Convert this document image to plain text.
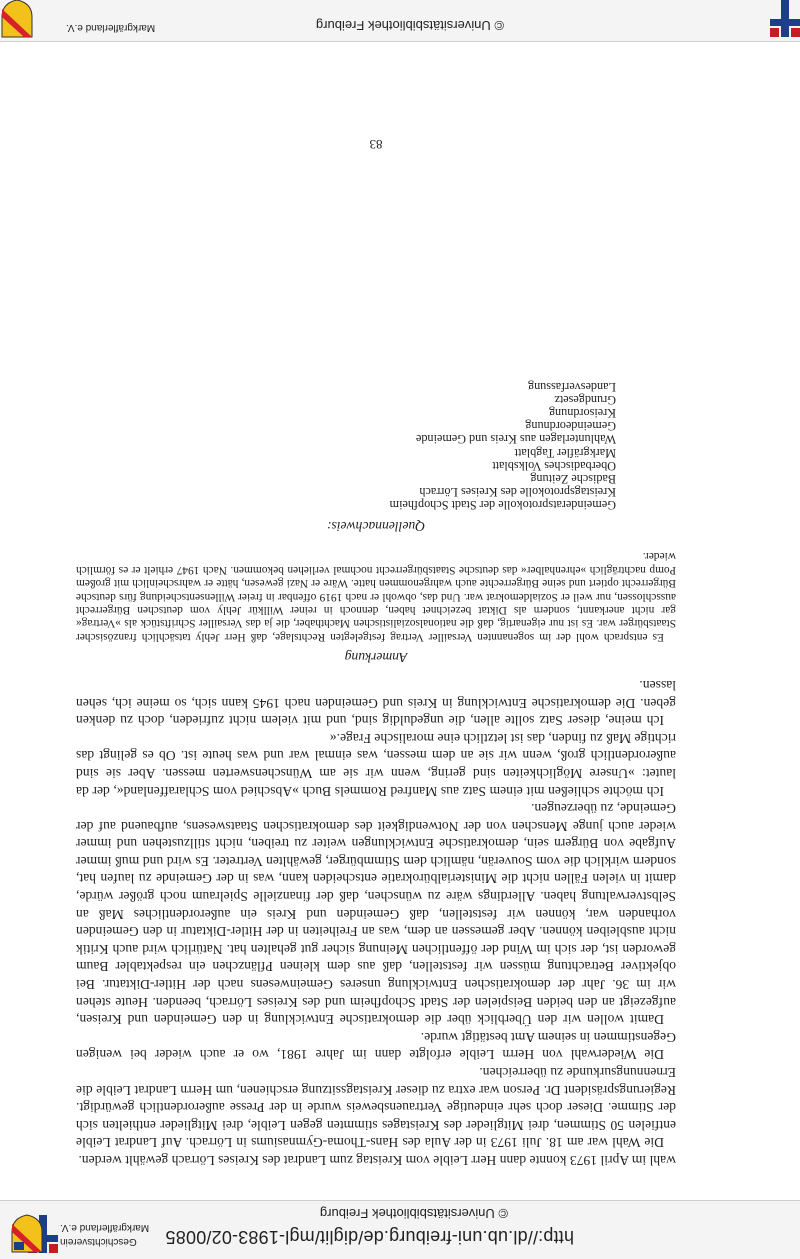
http://dl.ub.uni-freiburg.de/diglit/mgl-1983-02/0085
© Universitätsbibliothek Freiburg
Geschichtsverein
Markgräflerland e.V.
wahl im April 1973 konnte dann Herr Leible vom Kreistag zum Landrat des Kreises Lörrach gewählt werden.
Die Wahl war am 18. Juli 1973 in der Aula des Hans-Thoma-Gymnasiums in Lörrach. Auf Landrat Leible entfielen 50 Stimmen, drei Mitglieder des Kreistages stimmten gegen Leible, drei Mitglieder enthielten sich der Stimme. Dieser doch sehr eindeutige Vertrauensbeweis wurde in der Presse außerordentlich gewürdigt. Regierungspräsident Dr. Person war extra zu dieser Kreistagssitzung erschienen, um Herrn Landrat Leible die Ernennungsurkunde zu überreichen.
Die Wiederwahl von Herrn Leible erfolgte dann im Jahre 1981, wo er auch wieder bei wenigen Gegenstimmen in seinem Amt bestätigt wurde.
Damit wollen wir den Überblick über die demokratische Entwicklung in den Gemeinden und Kreisen, aufgezeigt an den beiden Beispielen der Stadt Schopfheim und des Kreises Lörrach, beenden. Heute stehen wir im 36. Jahr der demokratischen Entwicklung unseres Gemeinwesens nach der Hitler-Diktatur. Bei objektiver Betrachtung müssen wir feststellen, daß aus dem kleinen Pflänzchen ein respektabler Baum geworden ist, der sich im Wind der öffentlichen Meinung sicher gut gehalten hat. Natürlich wird auch Kritik nicht ausbleiben können. Aber gemessen an dem, was an Freiheiten in der Hitler-Diktatur in den Gemeinden vorhanden war, können wir feststellen, daß Gemeinden und Kreis ein außerordentliches Maß an Selbstverwaltung haben. Allerdings wäre zu wünschen, daß der finanzielle Spielraum noch größer würde, damit in vielen Fällen nicht die Ministerialbürokratie entscheiden kann, was in der Gemeinde zu laufen hat, sondern wirklich die vom Souverän, nämlich dem Stimmbürger, gewählten Vertreter. Es wird und muß immer Aufgabe von Bürgern sein, demokratische Entwicklungen weiter zu treiben, nicht stillzustehen und immer wieder auch junge Menschen von der Notwendigkeit des demokratischen Staatswesens, aufbauend auf der Gemeinde, zu überzeugen.
Ich möchte schließen mit einem Satz aus Manfred Rommels Buch »Abschied vom Schlaraffenland«, der da lautet: »Unsere Möglichkeiten sind gering, wenn wir sie am Wünschenswerten messen. Aber sie sind außerordentlich groß, wenn wir sie an dem messen, was einmal war und was heute ist. Ob es gelingt das richtige Maß zu finden, das ist letztlich eine moralische Frage.«
Ich meine, dieser Satz sollte allen, die ungeduldig sind, und mit vielem nicht zufrieden, doch zu denken geben. Die demokratische Entwicklung in Kreis und Gemeinden nach 1945 kann sich, so meine ich, sehen lassen.
Anmerkung
Es entsprach wohl der im sogenannten Versailler Vertrag festgelegten Rechtslage, daß Herr Jehly tatsächlich französischer Staatsbürger war. Es ist nur eigenartig, daß die nationalsozialistischen Machthaber, die ja das Versailler Schriftstück als »Vertrag« gar nicht anerkannt, sondern als Diktat bezeichnet haben, dennoch in reiner Willkür Jehly vom deutschen Bürgerrecht ausschlossen, nur weil er Sozialdemokrat war. Und das, obwohl er nach 1919 offenbar in freier Willensentscheidung fürs deutsche Bürgerrecht optiert und seine Bürgerrechte auch wahrgenommen hatte. Wäre er Nazi gewesen, hätte er wahrscheinlich mit großem Pomp nachträglich »ehrenhalber« das deutsche Staatsbürgerrecht nochmal verliehen bekommen. Nach 1947 erhielt er es förmlich wieder.
Quellennachweis:
Gemeinderatsprotokolle der Stadt Schopfheim
Kreistagsprotokolle des Kreises Lörrach
Badische Zeitung
Oberbadisches Volksblatt
Markgräfler Tagblatt
Wahlunterlagen aus Kreis und Gemeinde
Gemeindeordnung
Kreisordnung
Grundgesetz
Landesverfassung
83
© Universitätsbibliothek Freiburg
Markgräflerland e.V.
